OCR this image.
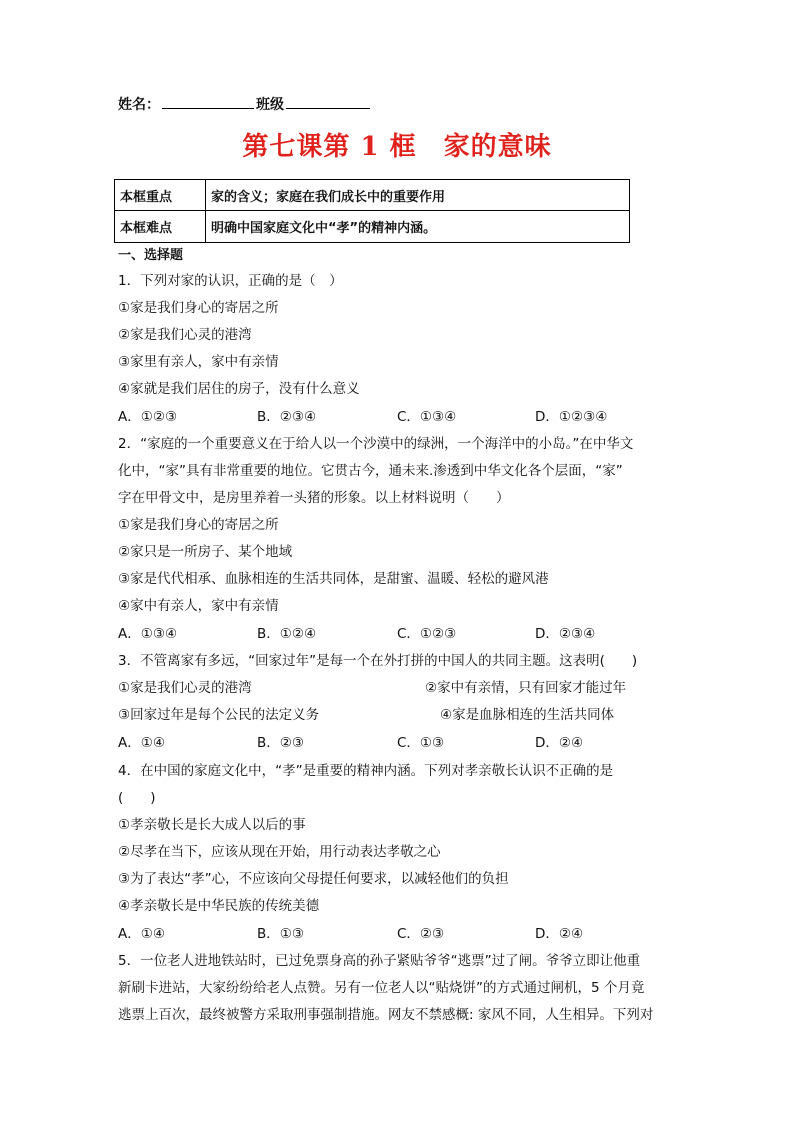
姓名：	班级
第七课第 1 框　家的意味
本框重点	家的含义；家庭在我们成长中的重要作用
本框难点	明确中国家庭文化中“孝”的精神内涵。
一、选择题
1．下列对家的认识，正确的是（　）
①家是我们身心的寄居之所
②家是我们心灵的港湾
③家里有亲人，家中有亲情
④家就是我们居住的房子，没有什么意义
A．①②③	B．②③④	C．①③④	D．①②③④
2．“家庭的一个重要意义在于给人以一个沙漠中的绿洲，一个海洋中的小岛。”在中华文
化中，“家”具有非常重要的地位。它贯古今，通未来.渗透到中华文化各个层面，“家”
字在甲骨文中，是房里养着一头猪的形象。以上材料说明（　　）
①家是我们身心的寄居之所
②家只是一所房子、某个地域
③家是代代相承、血脉相连的生活共同体，是甜蜜、温暖、轻松的避风港
④家中有亲人，家中有亲情
A．①③④	B．①②④	C．①②③	D．②③④
3．不管离家有多远，“回家过年”是每一个在外打拼的中国人的共同主题。这表明(　　)
①家是我们心灵的港湾	②家中有亲情，只有回家才能过年
③回家过年是每个公民的法定义务	④家是血脉相连的生活共同体
A．①④	B．②③	C．①③	D．②④
4．在中国的家庭文化中，“孝”是重要的精神内涵。下列对孝亲敬长认识不正确的是
(　　)
①孝亲敬长是长大成人以后的事
②尽孝在当下，应该从现在开始，用行动表达孝敬之心
③为了表达“孝”心，不应该向父母提任何要求，以减轻他们的负担
④孝亲敬长是中华民族的传统美德
A．①④	B．①③	C．②③	D．②④
5．一位老人进地铁站时，已过免票身高的孙子紧贴爷爷“逃票”过了闸。爷爷立即让他重
新刷卡进站，大家纷纷给老人点赞。另有一位老人以“贴烧饼”的方式通过闸机，5 个月竟
逃票上百次，最终被警方采取刑事强制措施。网友不禁感概: 家风不同，人生相异。下列对
